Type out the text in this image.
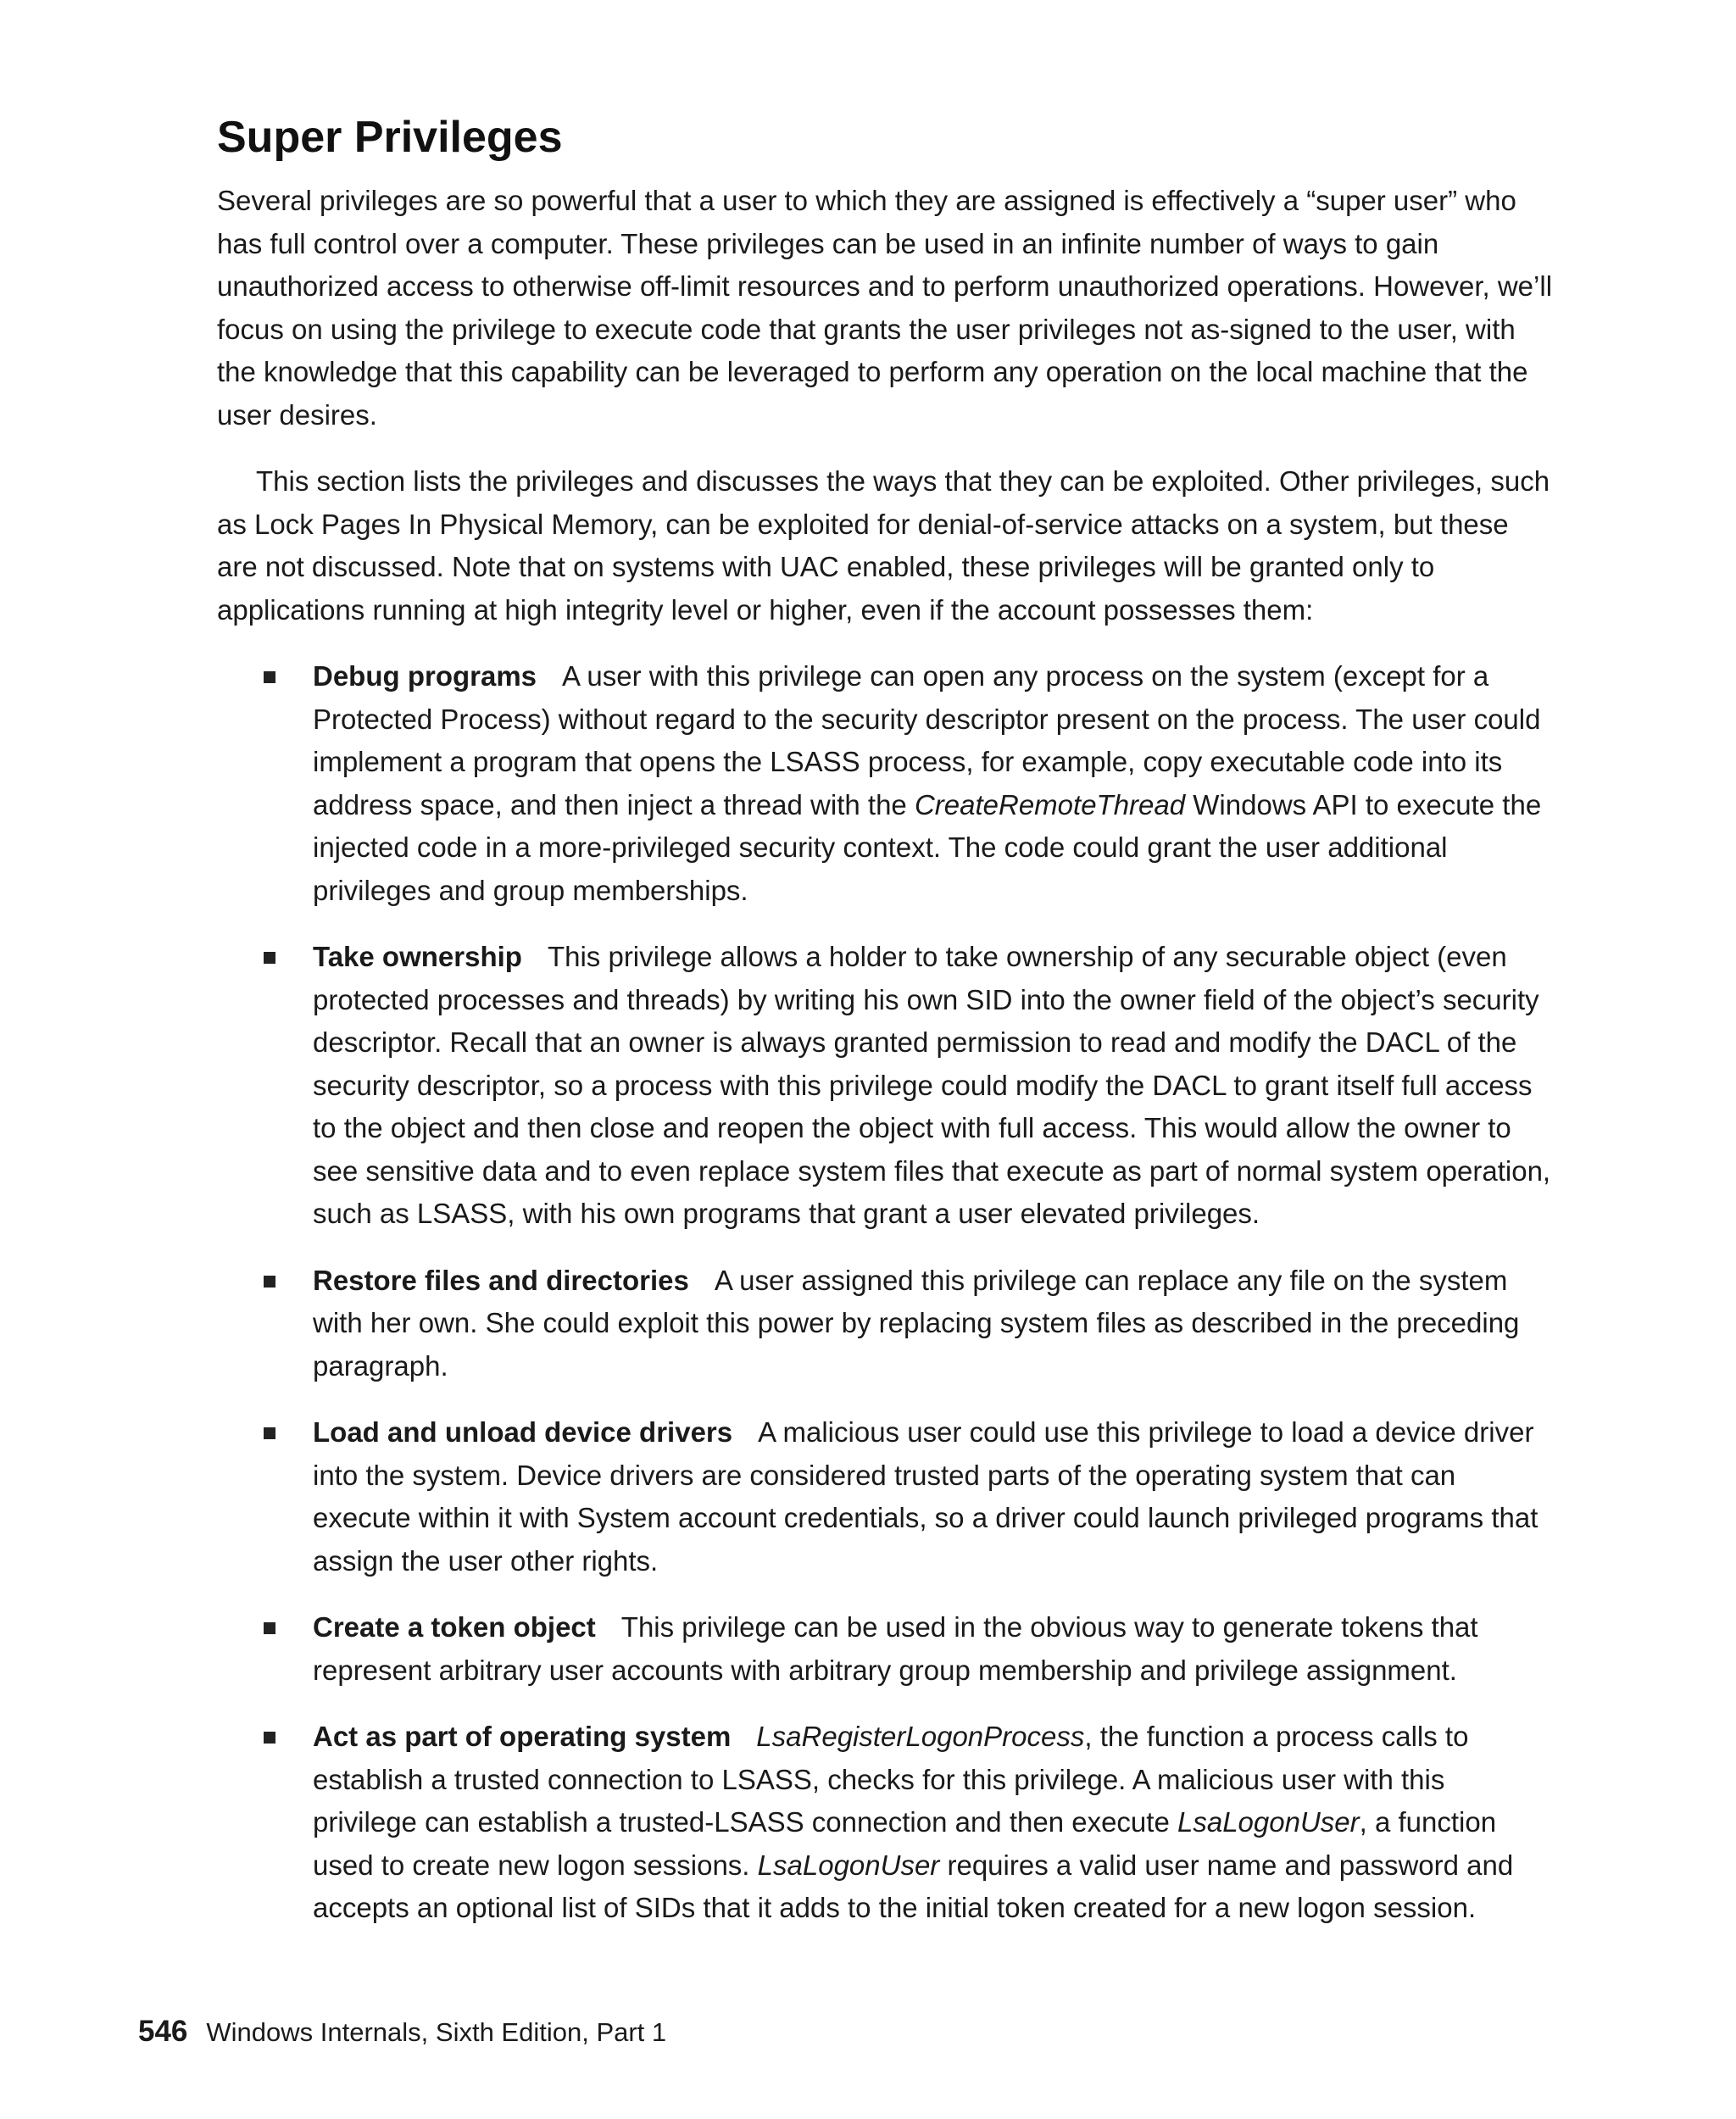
Super Privileges

Several privileges are so powerful that a user to which they are assigned is effectively a “super user” who has full control over a computer. These privileges can be used in an infinite number of ways to gain unauthorized access to otherwise off-limit resources and to perform unauthorized operations. However, we’ll focus on using the privilege to execute code that grants the user privileges not as-signed to the user, with the knowledge that this capability can be leveraged to perform any operation on the local machine that the user desires.

This section lists the privileges and discusses the ways that they can be exploited. Other privileges, such as Lock Pages In Physical Memory, can be exploited for denial-of-service attacks on a system, but these are not discussed. Note that on systems with UAC enabled, these privileges will be granted only to applications running at high integrity level or higher, even if the account possesses them:

Debug programs A user with this privilege can open any process on the system (except for a Protected Process) without regard to the security descriptor present on the process. The user could implement a program that opens the LSASS process, for example, copy executable code into its address space, and then inject a thread with the CreateRemoteThread Windows API to execute the injected code in a more-privileged security context. The code could grant the user additional privileges and group memberships.
Take ownership This privilege allows a holder to take ownership of any securable object (even protected processes and threads) by writing his own SID into the owner field of the object’s security descriptor. Recall that an owner is always granted permission to read and modify the DACL of the security descriptor, so a process with this privilege could modify the DACL to grant itself full access to the object and then close and reopen the object with full access. This would allow the owner to see sensitive data and to even replace system files that execute as part of normal system operation, such as LSASS, with his own programs that grant a user elevated privileges.
Restore files and directories A user assigned this privilege can replace any file on the system with her own. She could exploit this power by replacing system files as described in the preceding paragraph.
Load and unload device drivers A malicious user could use this privilege to load a device driver into the system. Device drivers are considered trusted parts of the operating system that can execute within it with System account credentials, so a driver could launch privileged programs that assign the user other rights.
Create a token object This privilege can be used in the obvious way to generate tokens that represent arbitrary user accounts with arbitrary group membership and privilege assignment.
Act as part of operating system LsaRegisterLogonProcess, the function a process calls to establish a trusted connection to LSASS, checks for this privilege. A malicious user with this privilege can establish a trusted-LSASS connection and then execute LsaLogonUser, a function used to create new logon sessions. LsaLogonUser requires a valid user name and password and accepts an optional list of SIDs that it adds to the initial token created for a new logon session.
546 Windows Internals, Sixth Edition, Part 1
